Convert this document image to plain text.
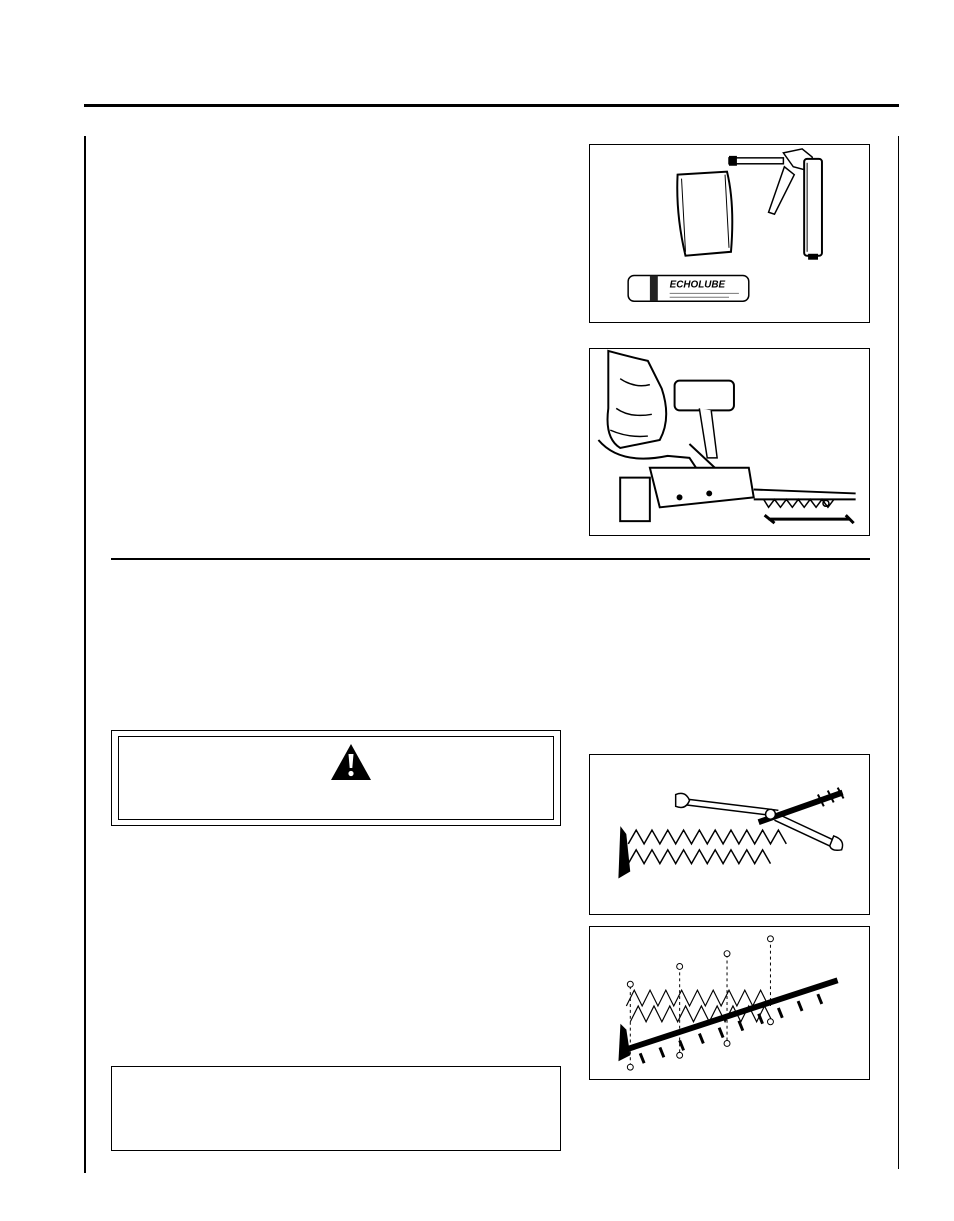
ECHOLUBE
